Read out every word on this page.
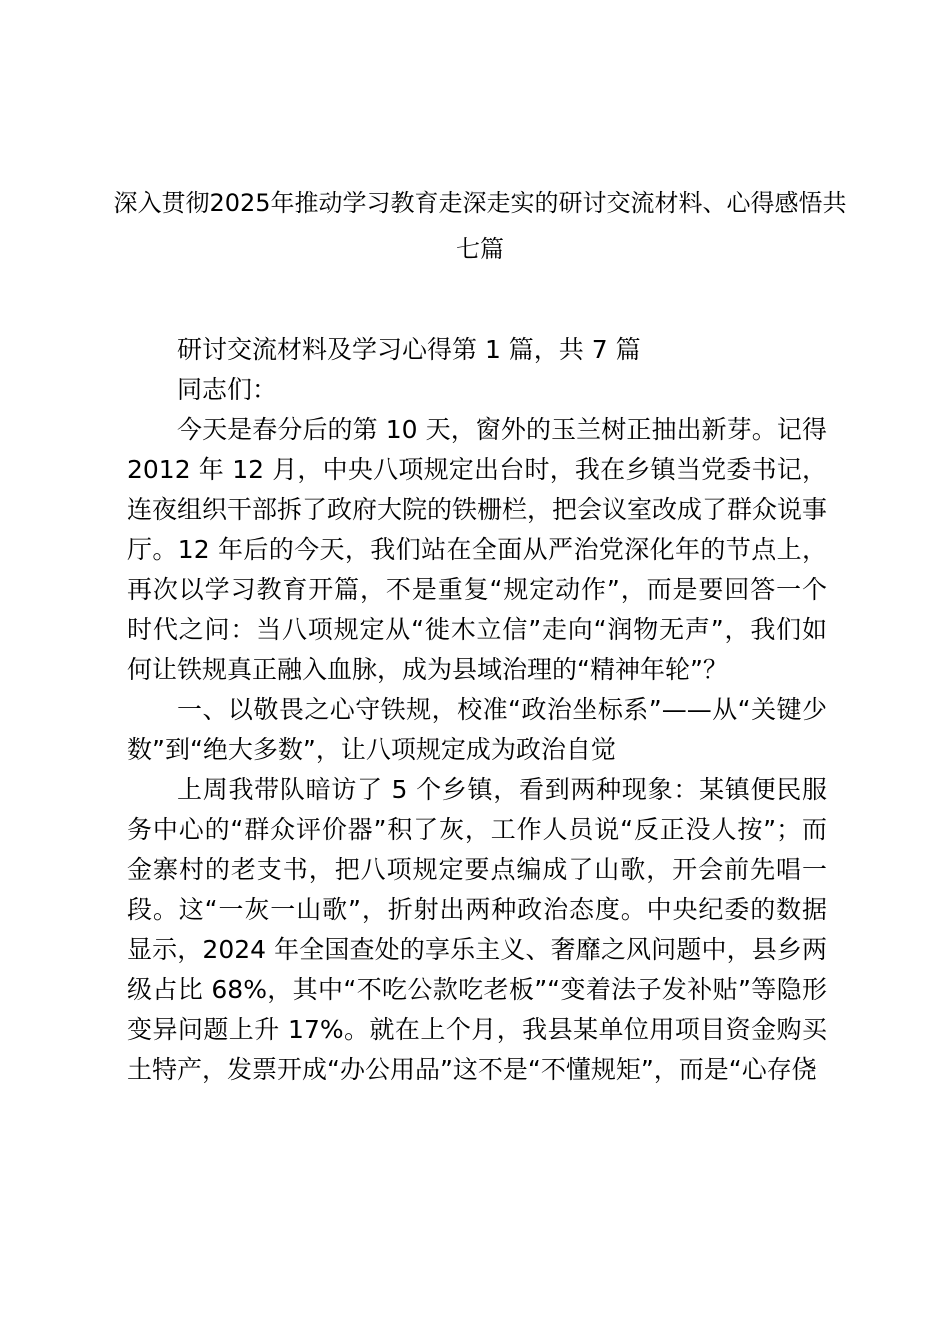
深入贯彻2025年推动学习教育走深走实的研讨交流材料、心得感悟共七篇

研讨交流材料及学习心得第 1 篇，共 7 篇

同志们：

今天是春分后的第 10 天，窗外的玉兰树正抽出新芽。记得 2012 年 12 月，中央八项规定出台时，我在乡镇当党委书记，连夜组织干部拆了政府大院的铁栅栏，把会议室改成了群众说事厅。12 年后的今天，我们站在全面从严治党深化年的节点上，再次以学习教育开篇，不是重复“规定动作”，而是要回答一个时代之问：当八项规定从“徙木立信”走向“润物无声”，我们如何让铁规真正融入血脉，成为县域治理的“精神年轮”？

一、以敬畏之心守铁规，校准“政治坐标系”——从“关键少数”到“绝大多数”，让八项规定成为政治自觉

上周我带队暗访了 5 个乡镇，看到两种现象：某镇便民服务中心的“群众评价器”积了灰，工作人员说“反正没人按”；而金寨村的老支书，把八项规定要点编成了山歌，开会前先唱一段。这“一灰一山歌”，折射出两种政治态度。中央纪委的数据显示，2024 年全国查处的享乐主义、奢靡之风问题中，县乡两级占比 68%，其中“不吃公款吃老板”“变着法子发补贴”等隐形变异问题上升 17%。就在上个月，我县某单位用项目资金购买土特产，发票开成“办公用品”这不是“不懂规矩”，而是“心存侥
